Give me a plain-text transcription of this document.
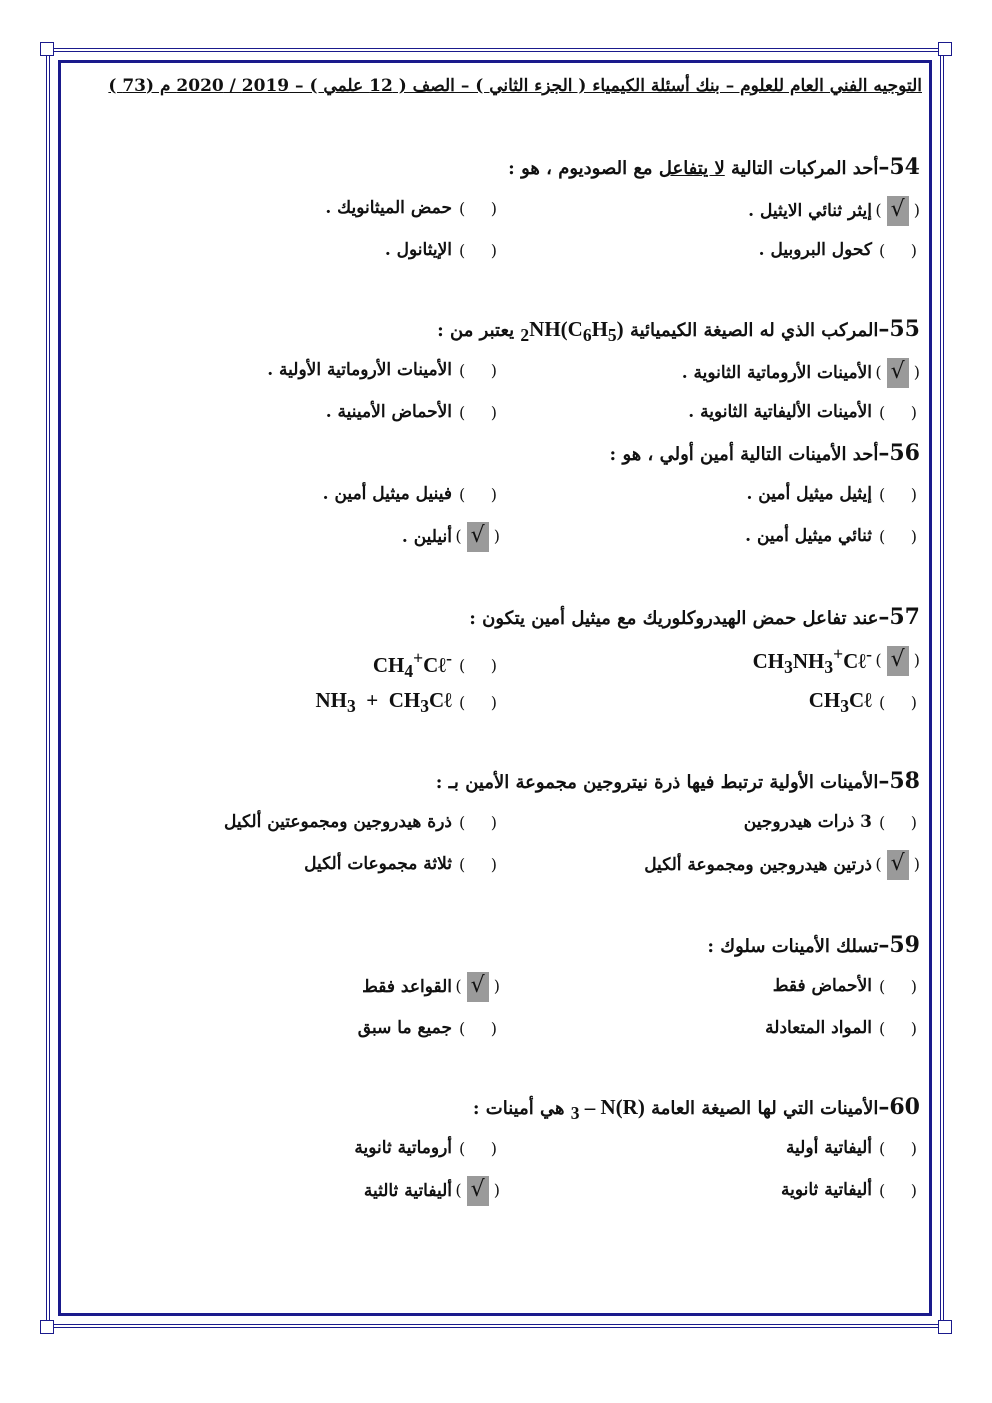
التوجيه الفني العام للعلوم – بنك أسئلة الكيمياء ( الجزء الثاني ) – الصف ( 12 علمي ) – 2019 / 2020 م (73 )
54–أحد المركبات التالية لا يتفاعل مع الصوديوم ، هو :
( √ )
إيثر ثنائي الايثيل .
(     )
حمض الميثانويك .
(     )
كحول البروبيل .
(     )
الإيثانول .
55–المركب الذي له الصيغة الكيميائية $(C_6H_5)_2NH$ يعتبر من :
( √ )
الأمينات الأروماتية الثانوية .
(     )
الأمينات الأروماتية الأولية .
(     )
الأمينات الأليفاتية الثانوية .
(     )
الأحماض الأمينية .
56–أحد الأمينات التالية أمين أولي ، هو :
(     )
إيثيل ميثيل أمين .
(     )
فينيل ميثيل أمين .
(     )
ثنائي ميثيل أمين .
( √ )
أنيلين .
57–عند تفاعل حمض الهيدروكلوريك مع ميثيل أمين يتكون :
( √ )
$CH_3NH_3^+C\ell^-$
(     )
$CH_4^+C\ell^-$
(     )
$CH_3C\ell$
(     )
$NH_3$  +  $CH_3C\ell$
58–الأمينات الأولية ترتبط فيها ذرة نيتروجين مجموعة الأمين بـ :
(     )
3 ذرات هيدروجين
(     )
ذرة هيدروجين ومجموعتين ألكيل
( √ )
ذرتين هيدروجين ومجموعة ألكيل
(     )
ثلاثة مجموعات ألكيل
59–تسلك الأمينات سلوك :
(     )
الأحماض فقط
( √ )
القواعد فقط
(     )
المواد المتعادلة
(     )
جميع ما سبق
60–الأمينات التي لها الصيغة العامة $(R)_3$ – N هي أمينات :
(     )
أليفاتية أولية
(     )
أروماتية ثانوية
(     )
أليفاتية ثانوية
( √ )
أليفاتية ثالثية
